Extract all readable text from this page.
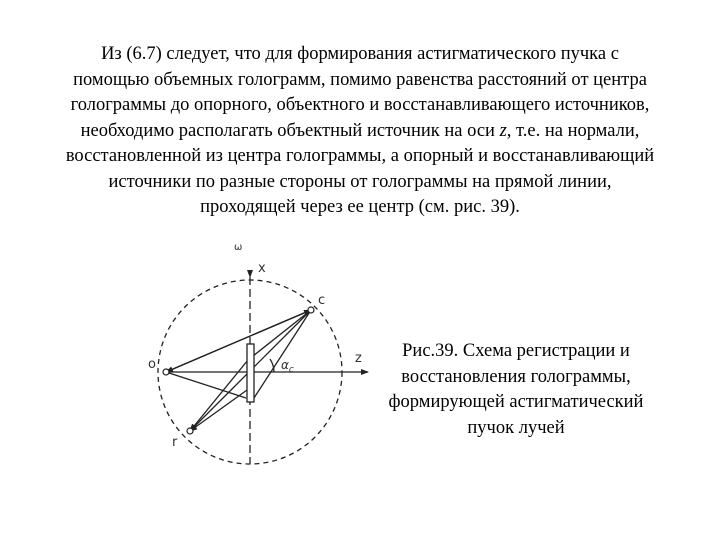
Из (6.7) следует, что для формирования астигматического пучка с
помощью объемных голограмм, помимо равенства расстояний от центра
голограммы до опорного, объектного и восстанавливающего источников,
необходимо располагать объектный источник на оси z, т.е. на нормали,
восстановленной из центра голограммы, а опорный и восстанавливающий
источники по разные стороны от голограммы на прямой линии,
проходящей через ее центр (см. рис. 39).
ω
x
z
o
c
r
$\alpha_c$
Рис.39. Схема регистрации и
восстановления голограммы,
формирующей астигматический
пучок лучей
